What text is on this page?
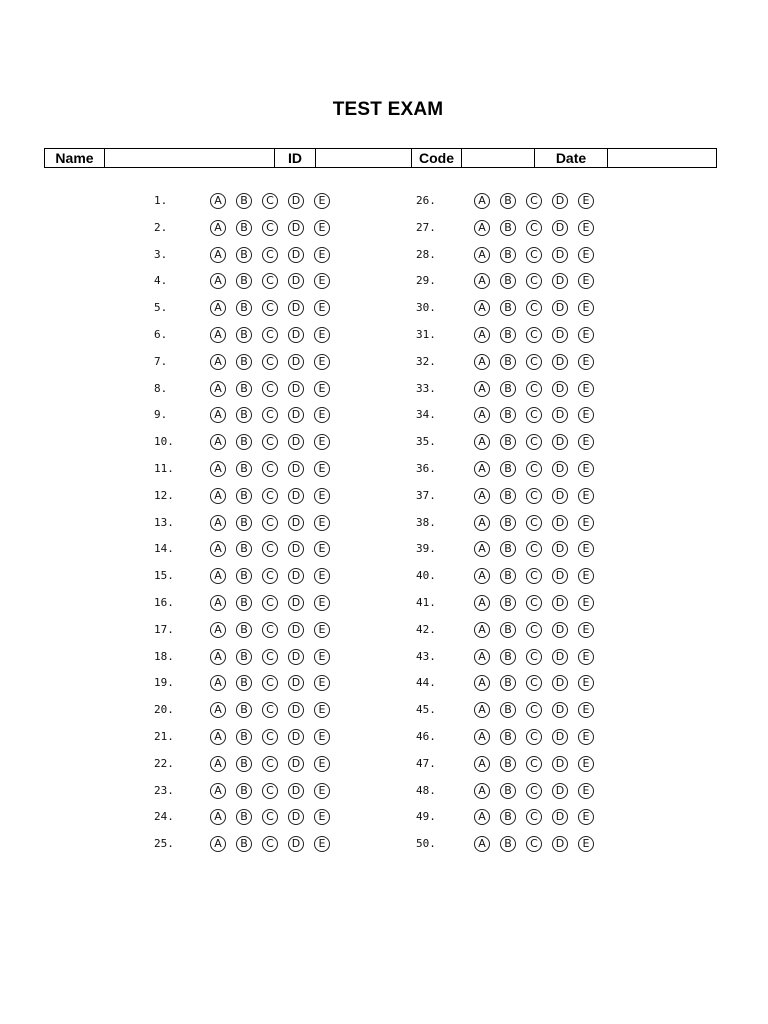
TEST EXAM
Name	ID	Code	Date
1.	A	B	C	D	E
2.	A	B	C	D	E
3.	A	B	C	D	E
4.	A	B	C	D	E
5.	A	B	C	D	E
6.	A	B	C	D	E
7.	A	B	C	D	E
8.	A	B	C	D	E
9.	A	B	C	D	E
10.	A	B	C	D	E
11.	A	B	C	D	E
12.	A	B	C	D	E
13.	A	B	C	D	E
14.	A	B	C	D	E
15.	A	B	C	D	E
16.	A	B	C	D	E
17.	A	B	C	D	E
18.	A	B	C	D	E
19.	A	B	C	D	E
20.	A	B	C	D	E
21.	A	B	C	D	E
22.	A	B	C	D	E
23.	A	B	C	D	E
24.	A	B	C	D	E
25.	A	B	C	D	E
26.	A	B	C	D	E
27.	A	B	C	D	E
28.	A	B	C	D	E
29.	A	B	C	D	E
30.	A	B	C	D	E
31.	A	B	C	D	E
32.	A	B	C	D	E
33.	A	B	C	D	E
34.	A	B	C	D	E
35.	A	B	C	D	E
36.	A	B	C	D	E
37.	A	B	C	D	E
38.	A	B	C	D	E
39.	A	B	C	D	E
40.	A	B	C	D	E
41.	A	B	C	D	E
42.	A	B	C	D	E
43.	A	B	C	D	E
44.	A	B	C	D	E
45.	A	B	C	D	E
46.	A	B	C	D	E
47.	A	B	C	D	E
48.	A	B	C	D	E
49.	A	B	C	D	E
50.	A	B	C	D	E
